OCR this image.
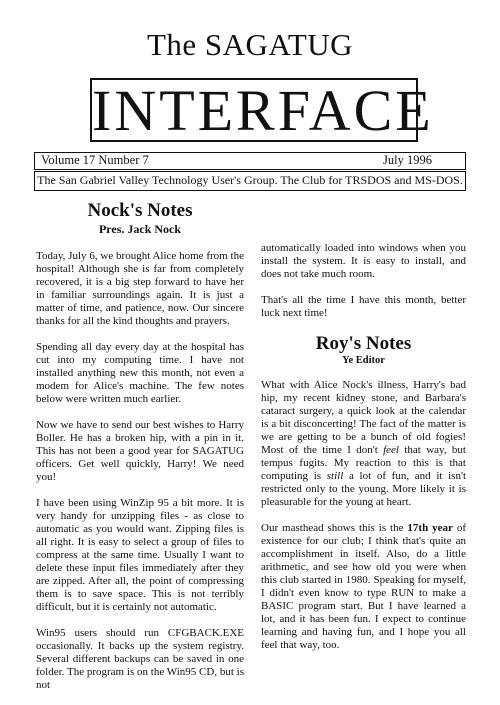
The SAGATUG
INTERFACE
Volume 17 Number 7	July 1996
The San Gabriel Valley Technology User's Group. The Club for TRSDOS and MS-DOS.
Nock's Notes
Pres. Jack Nock

Today, July 6, we brought Alice home from the hospital! Although she is far from completely recovered, it is a big step forward to have her in familiar surroundings again. It is just a matter of time, and patience, now. Our sincere thanks for all the kind thoughts and prayers.

Spending all day every day at the hospital has cut into my computing time. I have not installed anything new this month, not even a modem for Alice's machine. The few notes below were written much earlier.

Now we have to send our best wishes to Harry Boller. He has a broken hip, with a pin in it. This has not been a good year for SAGATUG officers. Get well quickly, Harry! We need you!

I have been using WinZip 95 a bit more. It is very handy for unzipping files - as close to automatic as you would want. Zipping files is all right. It is easy to select a group of files to compress at the same time. Usually I want to delete these input files immediately after they are zipped. After all, the point of compressing them is to save space. This is not terribly difficult, but it is certainly not automatic.

Win95 users should run CFGBACK.EXE occasionally. It backs up the system registry. Several different backups can be saved in one folder. The program is on the Win95 CD, but is not

automatically loaded into windows when you install the system. It is easy to install, and does not take much room.

That's all the time I have this month, better luck next time!

Roy's Notes
Ye Editor

What with Alice Nock's illness, Harry's bad hip, my recent kidney stone, and Barbara's cataract surgery, a quick look at the calendar is a bit disconcerting! The fact of the matter is we are getting to be a bunch of old fogies! Most of the time I don't feel that way, but tempus fugits. My reaction to this is that computing is still a lot of fun, and it isn't restricted only to the young. More likely it is pleasurable for the young at heart.

Our masthead shows this is the 17th year of existence for our club; I think that's quite an accomplishment in itself. Also, do a little arithmetic, and see how old you were when this club started in 1980. Speaking for myself, I didn't even know to type RUN to make a BASIC program start. But I have learned a lot, and it has been fun. I expect to continue learning and having fun, and I hope you all feel that way, too.
